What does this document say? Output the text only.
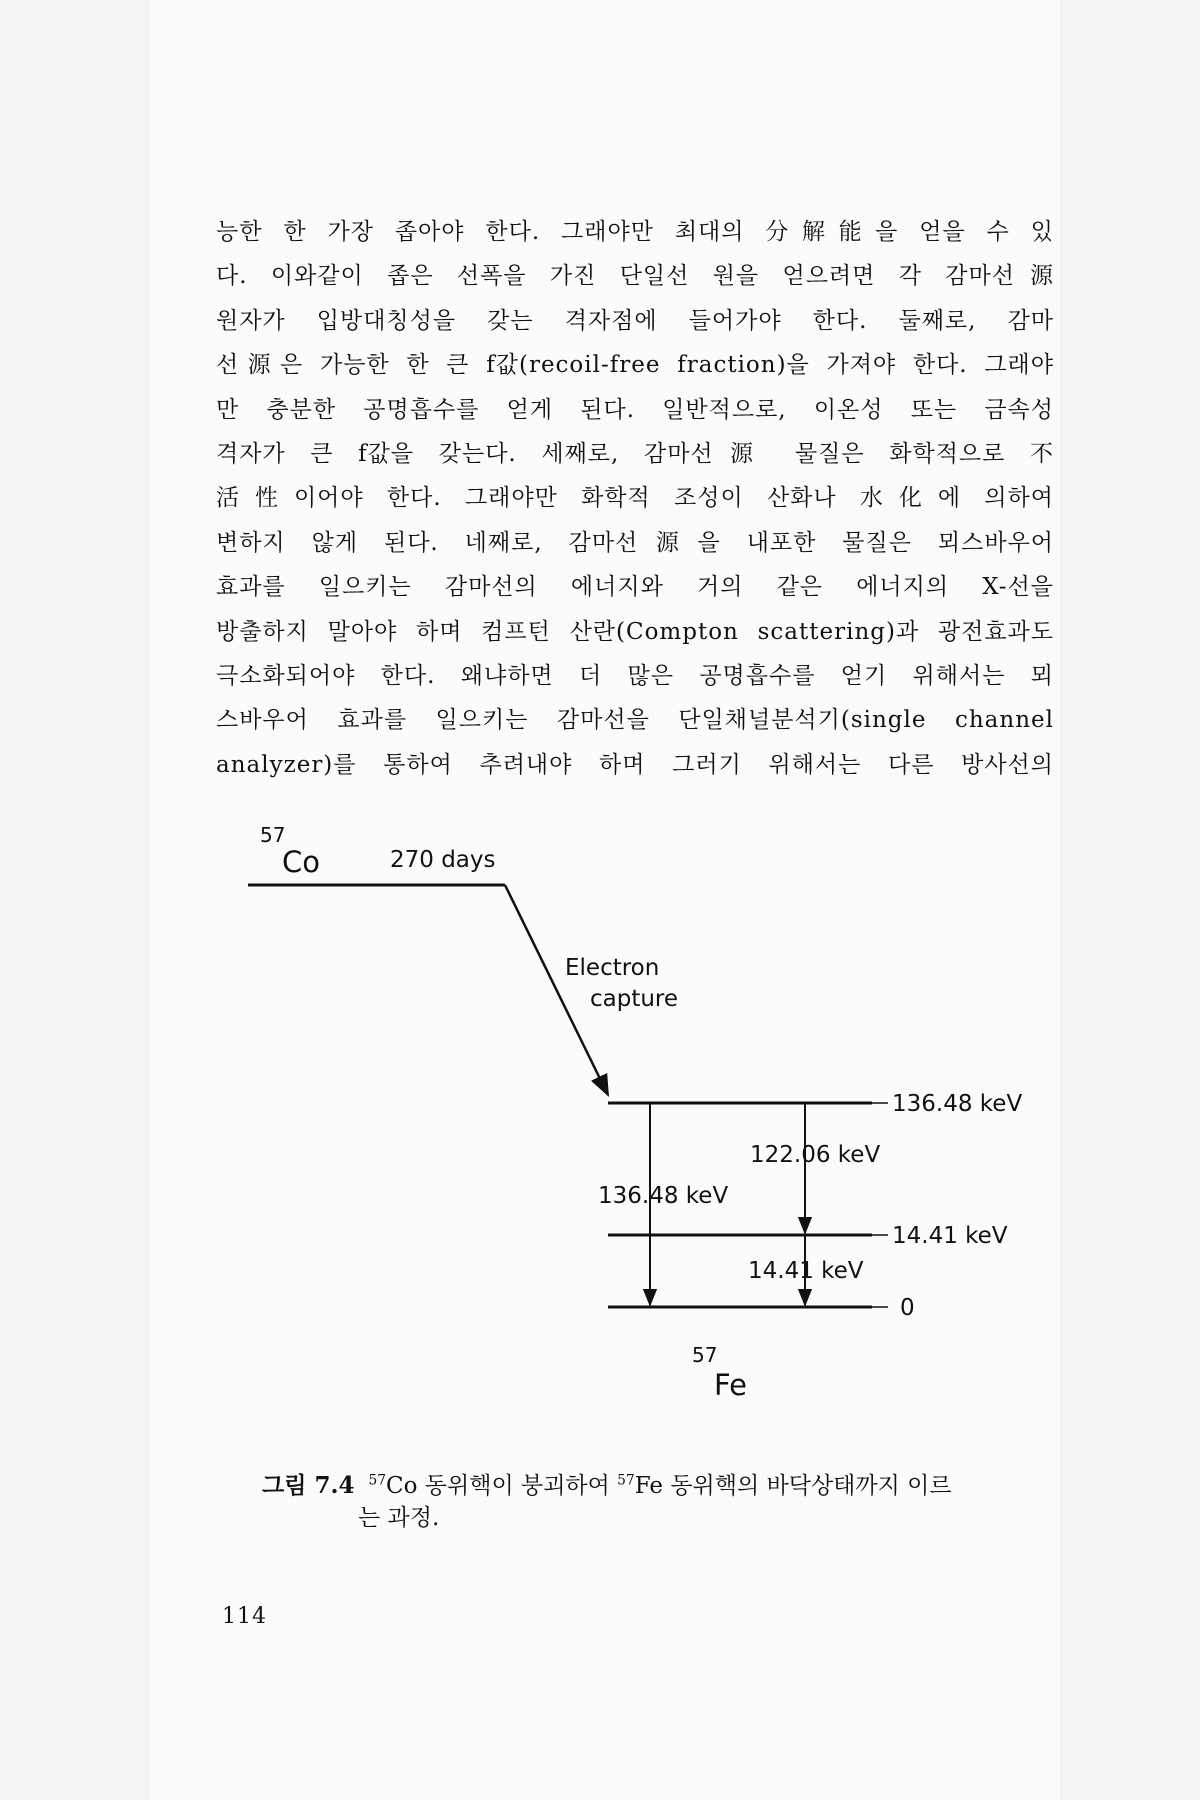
능한 한 가장 좁아야 한다. 그래야만 최대의 分解能을 얻을 수 있
다. 이와같이 좁은 선폭을 가진 단일선 원을 얻으려면 각 감마선源
원자가 입방대칭성을 갖는 격자점에 들어가야 한다. 둘째로, 감마
선源은 가능한 한 큰 f값(recoil-free fraction)을 가져야 한다. 그래야
만 충분한 공명흡수를 얻게 된다. 일반적으로, 이온성 또는 금속성
격자가 큰 f값을 갖는다. 세째로, 감마선源 물질은 화학적으로 不
活性이어야 한다. 그래야만 화학적 조성이 산화나 水化에 의하여
변하지 않게 된다. 네째로, 감마선源을 내포한 물질은 뫼스바우어
효과를 일으키는 감마선의 에너지와 거의 같은 에너지의 X-선을
방출하지 말아야 하며 컴프턴 산란(Compton scattering)과 광전효과도
극소화되어야 한다. 왜냐하면 더 많은 공명흡수를 얻기 위해서는 뫼
스바우어 효과를 일으키는 감마선을 단일채널분석기(single channel
analyzer)를 통하여 추려내야 하며 그러기 위해서는 다른 방사선의
57
Co	270 days
Electron
capture
136.48 keV
14.41 keV
0
136.48 keV
122.06 keV
14.41 keV
57
Fe
그림 7.4 $^{57}$Co 동위핵이 붕괴하여 $^{57}$Fe 동위핵의 바닥상태까지 이르
는 과정.
114
